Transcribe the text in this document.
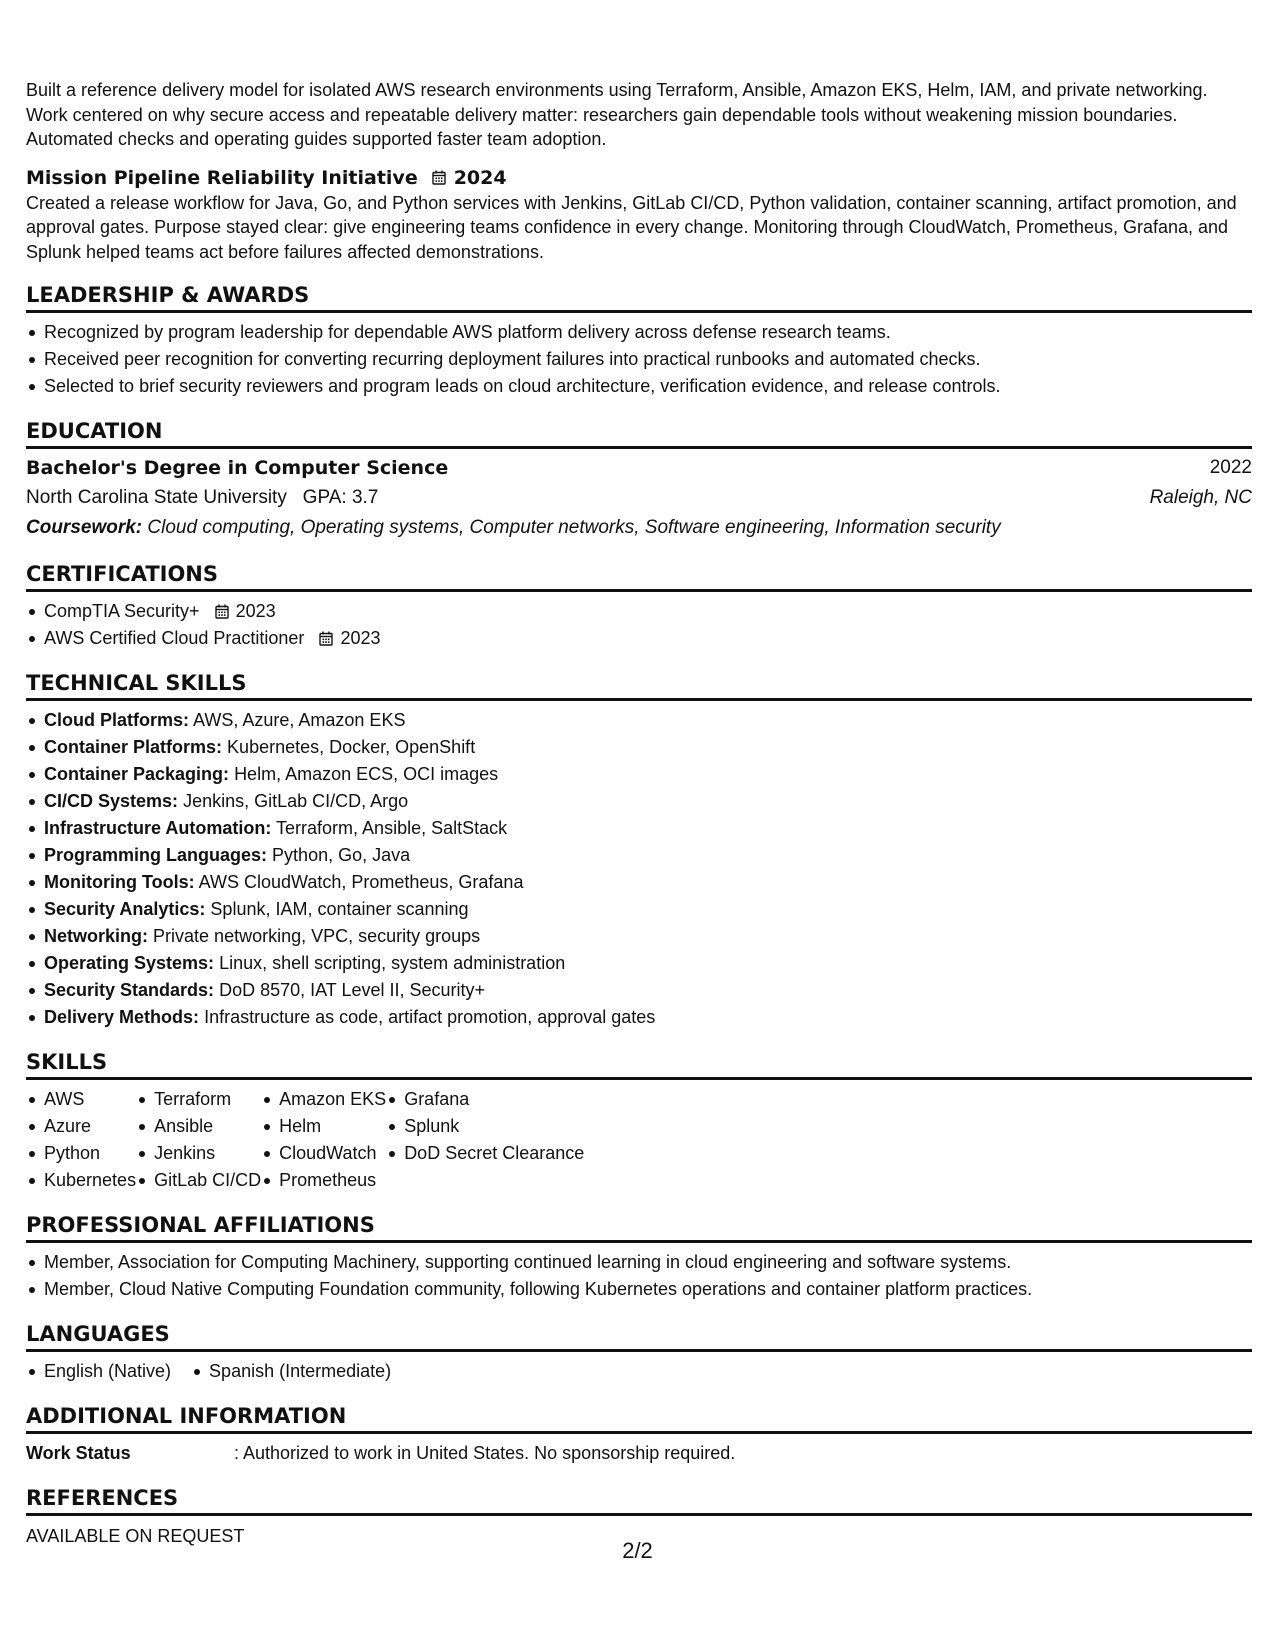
Built a reference delivery model for isolated AWS research environments using Terraform, Ansible, Amazon EKS, Helm, IAM, and private networking. Work centered on why secure access and repeatable delivery matter: researchers gain dependable tools without weakening mission boundaries. Automated checks and operating guides supported faster team adoption.

Mission Pipeline Reliability Initiative 2024

Created a release workflow for Java, Go, and Python services with Jenkins, GitLab CI/CD, Python validation, container scanning, artifact promotion, and approval gates. Purpose stayed clear: give engineering teams confidence in every change. Monitoring through CloudWatch, Prometheus, Grafana, and Splunk helped teams act before failures affected demonstrations.

LEADERSHIP & AWARDS
Recognized by program leadership for dependable AWS platform delivery across defense research teams.
Received peer recognition for converting recurring deployment failures into practical runbooks and automated checks.
Selected to brief security reviewers and program leads on cloud architecture, verification evidence, and release controls.
EDUCATION
Bachelor's Degree in Computer Science	2022
North Carolina State University GPA: 3.7	Raleigh, NC
Coursework: Cloud computing, Operating systems, Computer networks, Software engineering, Information security
CERTIFICATIONS
CompTIA Security+ 2023
AWS Certified Cloud Practitioner 2023
TECHNICAL SKILLS
Cloud Platforms: AWS, Azure, Amazon EKS
Container Platforms: Kubernetes, Docker, OpenShift
Container Packaging: Helm, Amazon ECS, OCI images
CI/CD Systems: Jenkins, GitLab CI/CD, Argo
Infrastructure Automation: Terraform, Ansible, SaltStack
Programming Languages: Python, Go, Java
Monitoring Tools: AWS CloudWatch, Prometheus, Grafana
Security Analytics: Splunk, IAM, container scanning
Networking: Private networking, VPC, security groups
Operating Systems: Linux, shell scripting, system administration
Security Standards: DoD 8570, IAT Level II, Security+
Delivery Methods: Infrastructure as code, artifact promotion, approval gates
SKILLS
AWS
Azure
Python
Kubernetes
Terraform
Ansible
Jenkins
GitLab CI/CD
Amazon EKS
Helm
CloudWatch
Prometheus
Grafana
Splunk
DoD Secret Clearance
PROFESSIONAL AFFILIATIONS
Member, Association for Computing Machinery, supporting continued learning in cloud engineering and software systems.
Member, Cloud Native Computing Foundation community, following Kubernetes operations and container platform practices.
LANGUAGES
English (Native)	Spanish (Intermediate)
ADDITIONAL INFORMATION
Work Status	: Authorized to work in United States. No sponsorship required.
REFERENCES
AVAILABLE ON REQUEST
2/2
